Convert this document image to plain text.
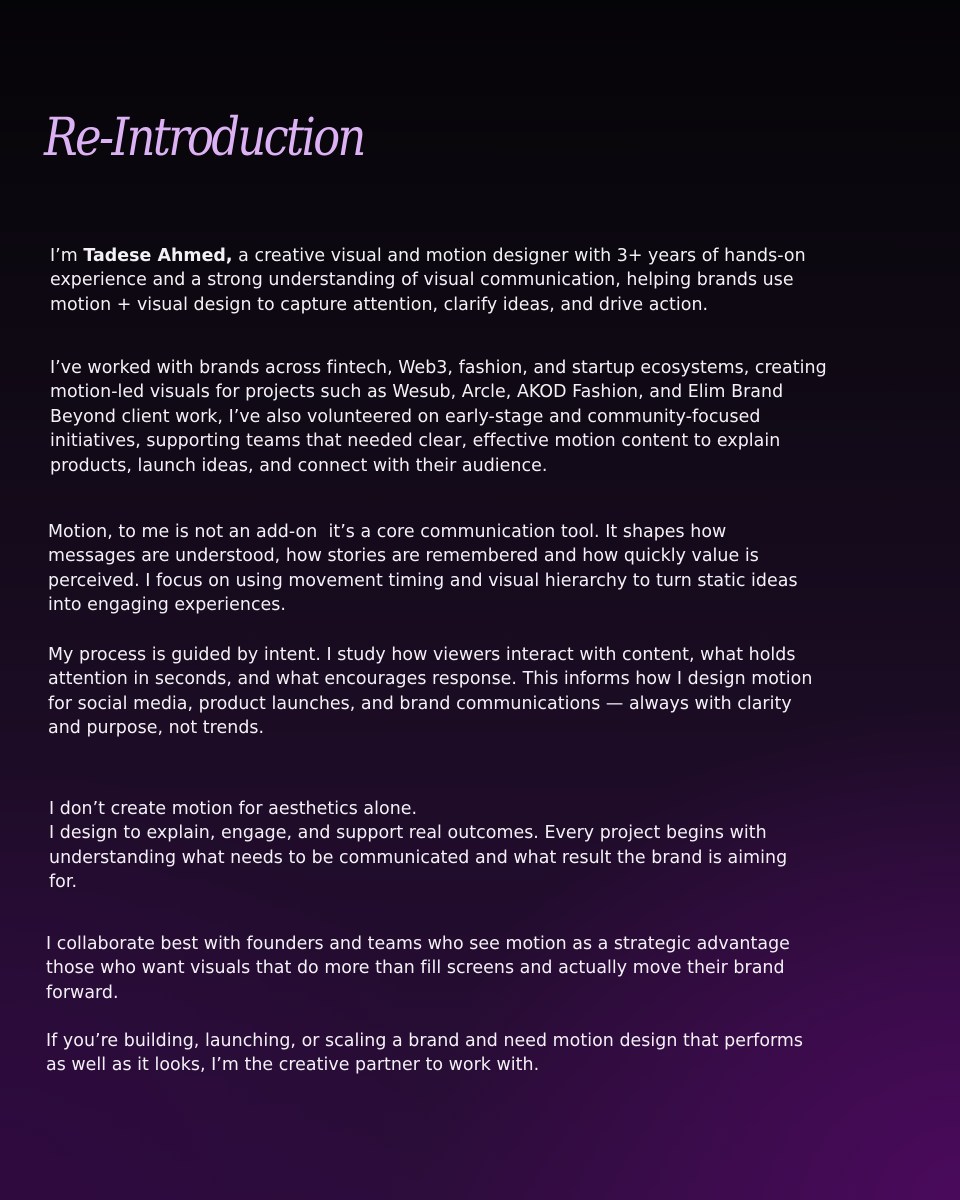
Re-Introduction

I’m Tadese Ahmed, a creative visual and motion designer with 3+ years of hands-on
experience and a strong understanding of visual communication, helping brands use
motion + visual design to capture attention, clarify ideas, and drive action.

I’ve worked with brands across fintech, Web3, fashion, and startup ecosystems, creating
motion-led visuals for projects such as Wesub, Arcle, AKOD Fashion, and Elim Brand
Beyond client work, I’ve also volunteered on early-stage and community-focused
initiatives, supporting teams that needed clear, effective motion content to explain
products, launch ideas, and connect with their audience.

Motion, to me is not an add-on  it’s a core communication tool. It shapes how
messages are understood, how stories are remembered and how quickly value is
perceived. I focus on using movement timing and visual hierarchy to turn static ideas
into engaging experiences.

My process is guided by intent. I study how viewers interact with content, what holds
attention in seconds, and what encourages response. This informs how I design motion
for social media, product launches, and brand communications — always with clarity
and purpose, not trends.

I don’t create motion for aesthetics alone.
I design to explain, engage, and support real outcomes. Every project begins with
understanding what needs to be communicated and what result the brand is aiming
for.

I collaborate best with founders and teams who see motion as a strategic advantage
those who want visuals that do more than fill screens and actually move their brand
forward.

If you’re building, launching, or scaling a brand and need motion design that performs
as well as it looks, I’m the creative partner to work with.
